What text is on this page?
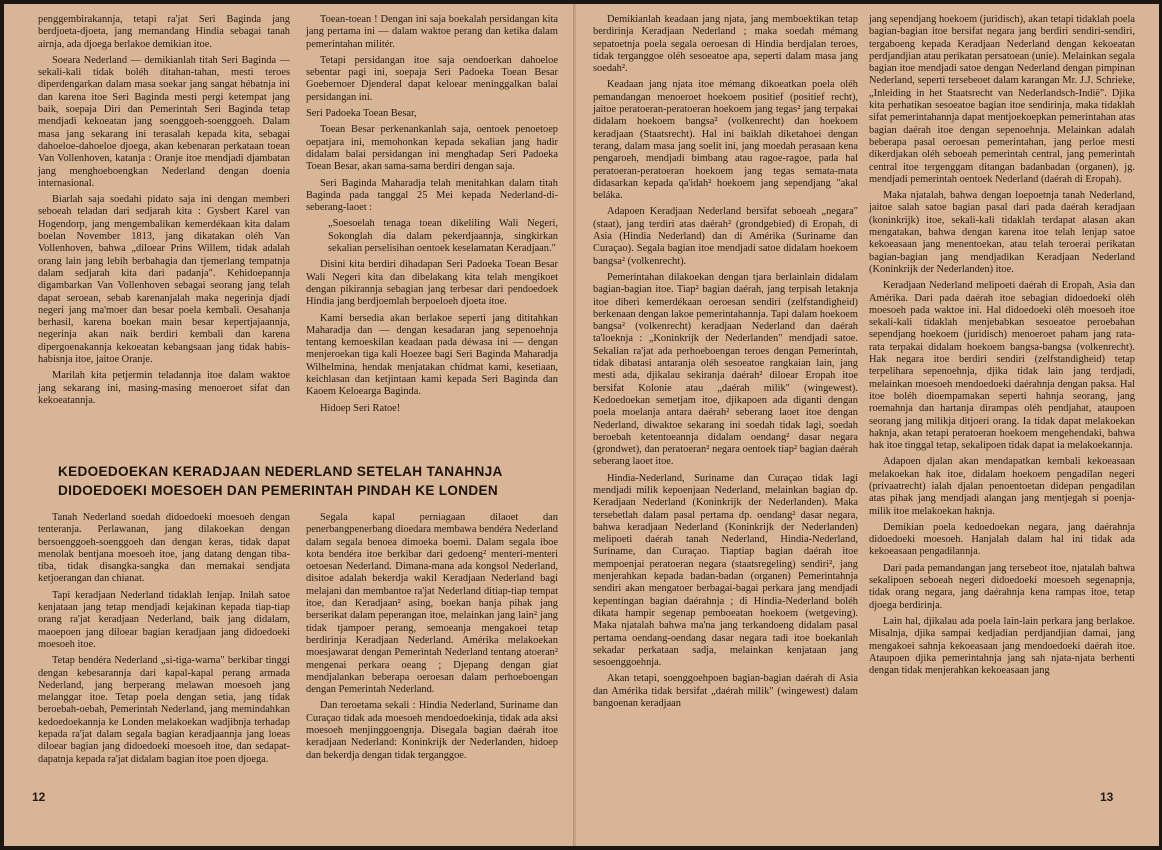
penggembirakannja, tetapi ra'jat Seri Baginda jang berdjoeta-djoeta, jang memandang Hindia sebagai tanah airnja, ada djoega berlakoe demikian itoe.

Soeara Nederland — demikianlah titah Seri Baginda — sekali-kali tidak boléh ditahan-tahan, mesti teroes diperdengarkan dalam masa soekar jang sangat hébatnja ini dan karena itoe Seri Baginda mesti pergi ketempat jang baik, soepaja Diri dan Pemerintah Seri Baginda tetap mendjadi kekoeatan jang soenggoeh-soenggoeh. Dalam masa jang sekarang ini terasalah kepada kita, sebagai dahoeloe-dahoeloe djoega, akan kebenaran perkataan toean Van Vollenhoven, katanja : Oranje itoe mendjadi djambatan jang menghoeboengkan Nederland dengan doenia internasional.

Biarlah saja soedahi pidato saja ini dengan memberi seboeah teladan dari sedjarah kita : Gysbert Karel van Hogendorp, jang mengembalikan kemerdékaan kita dalam boelan November 1813, jang dikatakan oléh Van Vollenhoven, bahwa „diloear Prins Willem, tidak adalah orang lain jang lebih berbahagia dan tjemerlang tempatnja dalam sedjarah kita dari padanja". Kehidoepannja digambarkan Van Vollenhoven sebagai seorang jang telah dapat seroean, sebab karenanjalah maka negerinja djadi negeri jang ma'moer dan besar poela kembali. Oesahanja berhasil, karena boekan main besar kepertjajaannja, negerinja akan naik berdiri kembali dan karena dipergoenakannja kekoeatan kebangsaan jang tidak habis-habisnja itoe, jaitoe Oranje.

Marilah kita petjermin teladannja itoe dalam waktoe jang sekarang ini, masing-masing menoeroet sifat dan kekoeatannja.

Toean-toean ! Dengan ini saja boekalah persidangan kita jang pertama ini — dalam waktoe perang dan ketika dalam pemerintahan militér.

Tetapi persidangan itoe saja oendoerkan dahoeloe sebentar pagi ini, soepaja Seri Padoeka Toean Besar Goebernoer Djenderal dapat keloear meninggalkan balai persidangan ini.

Seri Padoeka Toean Besar,

Toean Besar perkenankanlah saja, oentoek penoetoep oepatjara ini, memohonkan kepada sekalian jang hadir didalam balai persidangan ini menghadap Seri Padoeka Toean Besar, akan sama-sama berdiri dengan saja.

Seri Baginda Maharadja telah menitahkan dalam titah Baginda pada tanggal 25 Mei kepada Nederland-di-seberang-laoet :

„Soesoelah tenaga toean dikeliling Wali Negeri, Sokonglah dia dalam pekerdjaannja, singkirkan sekalian perselisihan oentoek keselamatan Keradjaan."

Disini kita berdiri dihadapan Seri Padoeka Toean Besar Wali Negeri kita dan dibelakang kita telah mengikoet dengan pikirannja sebagian jang terbesar dari pendoedoek Hindia jang berdjoemlah berpoeloeh djoeta itoe.

Kami bersedia akan berlakoe seperti jang dititahkan Maharadja dan — dengan kesadaran jang sepenoehnja tentang kemoeskilan keadaan pada déwasa ini — dengan menjeroekan tiga kali Hoezee bagi Seri Baginda Maharadja Wilhelmina, hendak menjatakan chidmat kami, kesetiaan, keichlasan dan ketjintaan kami kepada Seri Baginda dan Kaoem Keloearga Baginda.

Hidoep Seri Ratoe!

KEDOEDOEKAN KERADJAAN NEDERLAND SETELAH TANAHNJA
DIDOEDOEKI MOESOEH DAN PEMERINTAH PINDAH KE LONDEN

Tanah Nederland soedah didoedoeki moesoeh dengan tenteranja. Perlawanan, jang dilakoekan dengan bersoenggoeh-soenggoeh dan dengan keras, tidak dapat menolak bentjana moesoeh itoe, jang datang dengan tiba-tiba, tidak disangka-sangka dan memakai sendjata ketjoerangan dan chianat.

Tapi keradjaan Nederland tidaklah lenjap. Inilah satoe kenjataan jang tetap mendjadi kejakinan kepada tiap-tiap orang ra'jat keradjaan Nederland, baik jang didalam, maoepoen jang diloear bagian keradjaan jang didoedoeki moesoeh itoe.

Tetap bendéra Nederland „si-tiga-warna" berkibar tinggi dengan kebesarannja dari kapal-kapal perang armada Nederland, jang berperang melawan moesoeh jang melanggar itoe. Tetap poela dengan setia, jang tidak beroebah-oebah, Pemerintah Nederland, jang memindahkan kedoedoekannja ke Londen melakoekan wadjibnja terhadap kepada ra'jat dalam segala bagian keradjaannja jang loeas diloear bagian jang didoedoeki moesoeh itoe, dan sedapat-dapatnja kepada ra'jat didalam bagian itoe poen djoega.

Segala kapal perniagaan dilaoet dan penerbangpenerbang dioedara membawa bendéra Nederland dalam segala benoea dimoeka boemi. Dalam segala iboe kota bendéra itoe berkibar dari gedoeng² menteri-menteri oetoesan Nederland. Dimana-mana ada kongsol Nederland, disitoe adalah bekerdja wakil Keradjaan Nederland bagi melajani dan membantoe ra'jat Nederland ditiap-tiap tempat itoe, dan Keradjaan² asing, boekan hanja pihak jang berserikat dalam peperangan itoe, melainkan jang lain² jang tidak tjampoer perang, semoeanja mengakoei tetap berdirinja Keradjaan Nederland. Amérika melakoekan moesjawarat dengan Pemerintah Nederland tentang atoeran² mengenai perkara oeang ; Djepang dengan giat mendjalankan beberapa oeroesan dalam perhoeboengan dengan Pemerintah Nederland.

Dan teroetama sekali : Hindia Nederland, Suriname dan Curaçao tidak ada moesoeh mendoedoekinja, tidak ada aksi moesoeh menjinggoengnja. Disegala bagian daérah itoe keradjaan Nederland: Koninkrijk der Nederlanden, hidoep dan bekerdja dengan tidak terganggoe.

12

Demikianlah keadaan jang njata, jang memboektikan tetap berdirinja Keradjaan Nederland ; maka soedah mémang sepatoetnja poela segala oeroesan di Hindia berdjalan teroes, tidak terganggoe oléh sesoeatoe apa, seperti dalam masa jang soedah².

Keadaan jang njata itoe mémang dikoeatkan poela oléh pemandangan menoeroet hoekoem positief (positief recht), jaitoe peratoeran-peratoeran hoekoem jang tegas² jang terpakai didalam hoekoem bangsa² (volkenrecht) dan hoekoem keradjaan (Staatsrecht). Hal ini baiklah diketahoei dengan terang, dalam masa jang soelit ini, jang moedah perasaan kena pengaroeh, mendjadi bimbang atau ragoe-ragoe, pada hal peratoeran-peratoeran hoekoem jang tegas semata-mata didasarkan kepada qa'idah² hoekoem jang sependjang "akal beláka.

Adapoen Keradjaan Nederland bersifat seboeah „negara" (staat), jang terdiri atas daérah² (grondgebied) di Eropah, di Asia (Hindia Nederland) dan di Amérika (Suriname dan Curaçao). Segala bagian itoe mendjadi satoe didalam hoekoem bangsa² (volkenrecht).

Pemerintahan dilakoekan dengan tjara berlainlain didalam bagian-bagian itoe. Tiap² bagian daérah, jang terpisah letaknja itoe diberi kemerdékaan oeroesan sendiri (zelfstandigheid) berkenaan dengan lakoe pemerintahannja. Tapi dalam hoekoem bangsa² (volkenrecht) keradjaan Nederland dan daérah ta'loeknja : „Koninkrijk der Nederlanden" mendjadi satoe. Sekalian ra'jat ada perhoeboengan teroes dengan Pemerintah, tidak dibatasi antaranja oléh sesoeatoe rangkaian lain, jang mesti ada, djikalau sekiranja daérah² diloear Eropah itoe bersifat Kolonie atau „daérah milik" (wingewest). Kedoedoekan semetjam itoe, djikapoen ada diganti dengan poela moelanja antara daérah² seberang laoet itoe dengan Nederland, diwaktoe sekarang ini soedah tidak lagi, soedah beroebah ketentoeannja didalam oendang² dasar negara (grondwet), dan peratoeran² negara oentoek tiap² bagian daérah seberang laoet itoe.

Hindia-Nederland, Suriname dan Curaçao tidak lagi mendjadi milik kepoenjaan Nederland, melainkan bagian dp. Keradjaan Nederland (Koninkrijk der Nederlanden). Maka tersebetlah dalam pasal pertama dp. oendang² dasar negara, bahwa keradjaan Nederland (Koninkrijk der Nederlanden) melipoeti daérah tanah Nederland, Hindia-Nederland, Suriname, dan Curaçao. Tiaptiap bagian daérah itoe mempoenjai peratoeran negara (staatsregeling) sendiri², jang menjerahkan kepada badan-badan (organen) Pemerintahnja sendiri akan mengatoer berbagai-bagai perkara jang mendjadi kepentingan bagian daérahnja ; di Hindia-Nederland boléh dikata hampir segenap pemboeatan hoekoem (wetgeving). Maka njatalah bahwa ma'na jang terkandoeng didalam pasal pertama oendang-oendang dasar negara tadi itoe boekanlah sekadar perkataan sadja, melainkan kenjataan jang sesoenggoehnja.

Akan tetapi, soenggoehpoen bagian-bagian daérah di Asia dan Amérika tidak bersifat „daérah milik" (wingewest) dalam bangoenan keradjaan

jang sependjang hoekoem (juridisch), akan tetapi tidaklah poela bagian-bagian itoe bersifat negara jang berdiri sendiri-sendiri, tergaboeng kepada Keradjaan Nederland dengan kekoeatan perdjandjian atau perikatan persatoean (unie). Melainkan segala bagian itoe mendjadi satoe dengan Nederland dengan pimpinan Nederland, seperti tersebeoet dalam karangan Mr. J.J. Schrieke, „Inleiding in het Staatsrecht van Nederlandsch-Indië". Djika kita perhatikan sesoeatoe bagian itoe sendirinja, maka tidaklah sifat pemerintahannja dapat mentjoekoepkan pemerintahan atas bagian daérah itoe dengan sepenoehnja. Melainkan adalah beberapa pasal oeroesan pemerintahan, jang perloe mesti dikerdjakan oléh seboeah pemerintah central, jang pemerintah central itoe tergenggam ditangan badanbadan (organen), jg. mendjadi pemerintah oentoek Nederland (daérah di Eropah).

Maka njatalah, bahwa dengan loepoetnja tanah Nederland, jaitoe salah satoe bagian pasal dari pada daérah keradjaan (koninkrijk) itoe, sekali-kali tidaklah terdapat alasan akan mengatakan, bahwa dengan karena itoe telah lenjap satoe kekoeasaan jang menentoekan, atau telah teroerai perikatan bagian-bagian jang mendjadikan Keradjaan Nederland (Koninkrijk der Nederlanden) itoe.

Keradjaan Nederland melipoeti daérah di Eropah, Asia dan Amérika. Dari pada daérah itoe sebagian didoedoeki oléh moesoeh pada waktoe ini. Hal didoedoeki oléh moesoeh itoe sekali-kali tidaklah menjebabkan sesoeatoe peroebahan sependjang hoekoem (juridisch) menoeroet paham jang rata-rata terpakai didalam hoekoem bangsa-bangsa (volkenrecht). Hak negara itoe berdiri sendiri (zelfstandigheid) tetap terpelihara sepenoehnja, djika tidak lain jang terdjadi, melainkan moesoeh mendoedoeki daérahnja dengan paksa. Hal itoe boléh dioempamakan seperti hahnja seorang, jang roemahnja dan hartanja dirampas oléh pendjahat, ataupoen seorang jang milikja ditjoeri orang. Ia tidak dapat melakoekan haknja, akan tetapi peratoeran hoekoem mengehendaki, bahwa hak itoe tinggal tetap, sekalipoen tidak dapat ia melakoekannja.

Adapoen djalan akan mendapatkan kembali kekoeasaan melakoekan hak itoe, didalam hoekoem pengadilan negeri (privaatrecht) ialah djalan penoentoetan didepan pengadilan atas pihak jang mendjadi alangan jang mentjegah si poenja-milik itoe melakoekan haknja.

Demikian poela kedoedoekan negara, jang daérahnja didoedoeki moesoeh. Hanjalah dalam hal ini tidak ada kekoeasaan pengadilannja.

Dari pada pemandangan jang tersebeot itoe, njatalah bahwa sekalipoen seboeah negeri didoedoeki moesoeh segenapnja, tidak orang negara, jang daérahnja kena rampas itoe, tetap djoega berdirinja.

Lain hal, djikalau ada poela lain-lain perkara jang berlakoe. Misalnja, djika sampai kedjadian perdjandjian damai, jang mengakoei sahnja kekoeasaan jang mendoedoeki daérah itoe. Ataupoen djika pemerintahnja jang sah njata-njata berhenti dengan tidak menjerahkan kekoeasaan jang

13
